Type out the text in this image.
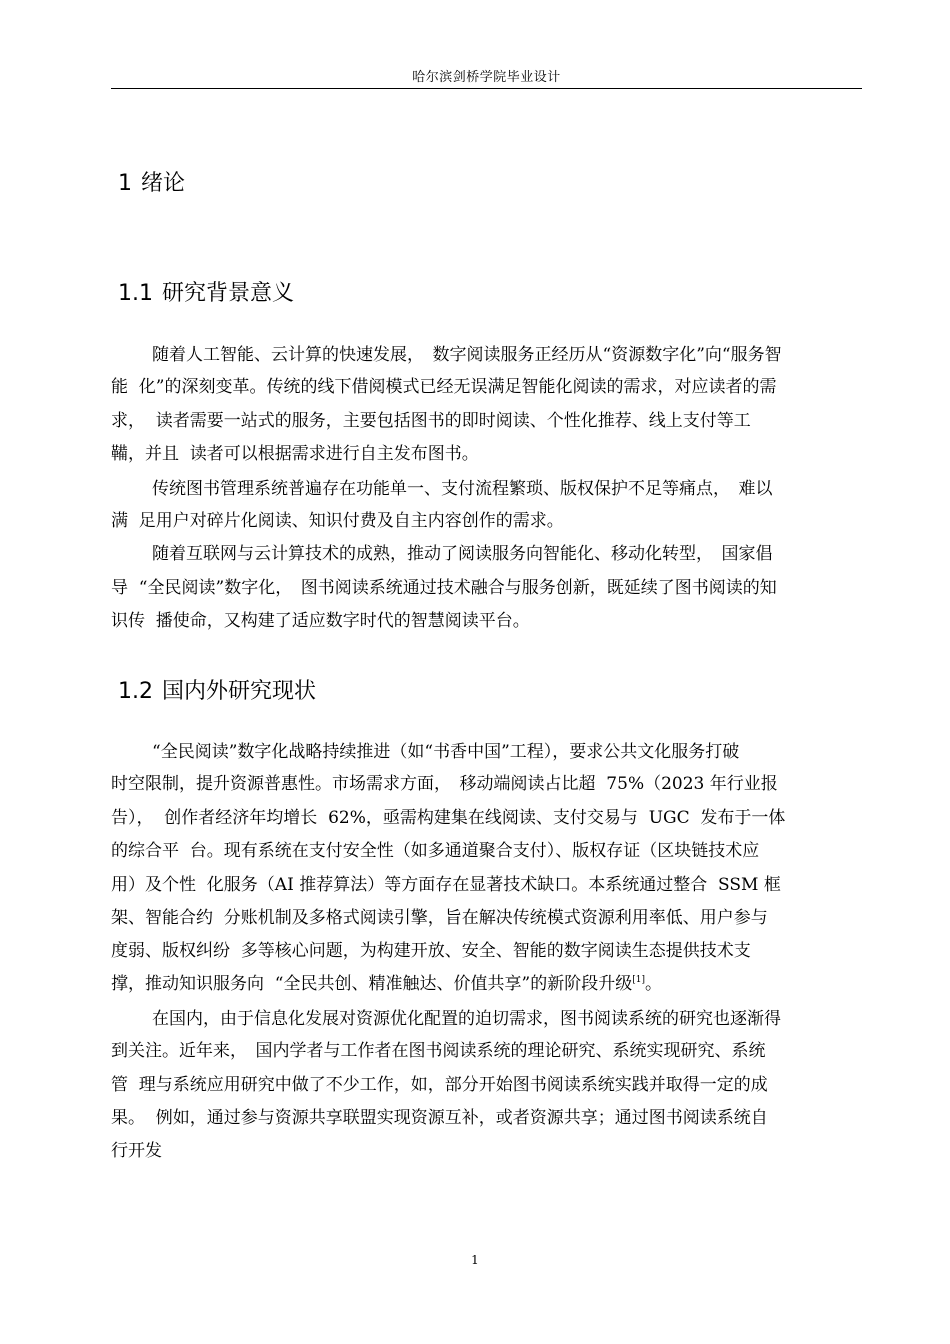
哈尔滨剑桥学院毕业设计
1 绪论
1.1 研究背景意义
随着人工智能、云计算的快速发展，　数字阅读服务正经历从“资源数字化”向“服务智
能  化”的深刻变革。传统的线下借阅模式已经无误满足智能化阅读的需求，对应读者的需
求，  读者需要一站式的服务，主要包括图书的即时阅读、个性化推荐、线上支付等工
鞴，并且  读者可以根据需求进行自主发布图书。
传统图书管理系统普遍存在功能单一、支付流程繁琐、版权保护不足等痛点，　难以
满  足用户对碎片化阅读、知识付费及自主内容创作的需求。
随着互联网与云计算技术的成熟，推动了阅读服务向智能化、移动化转型，　国家倡
导  “全民阅读”数字化，　图书阅读系统通过技术融合与服务创新，既延续了图书阅读的知
识传  播使命，又构建了适应数字时代的智慧阅读平台。
1.2 国内外研究现状
“全民阅读”数字化战略持续推进（如“书香中国”工程），要求公共文化服务打破
时空限制，提升资源普惠性。市场需求方面，　移动端阅读占比超  75%（2023 年行业报
告），  创作者经济年均增长  62%，亟需构建集在线阅读、支付交易与  UGC  发布于一体
的综合平  台。现有系统在支付安全性（如多通道聚合支付）、版权存证（区块链技术应
用）及个性  化服务（AI 推荐算法）等方面存在显著技术缺口。本系统通过整合  SSM 框
架、智能合约  分账机制及多格式阅读引擎，旨在解决传统模式资源利用率低、用户参与
度弱、版权纠纷  多等核心问题，为构建开放、安全、智能的数字阅读生态提供技术支
撑，推动知识服务向  “全民共创、精准触达、价值共享”的新阶段升级[1]。
在国内，由于信息化发展对资源优化配置的迫切需求，图书阅读系统的研究也逐渐得
到关注。近年来，　国内学者与工作者在图书阅读系统的理论研究、系统实现研究、系统
管  理与系统应用研究中做了不少工作，如，部分开始图书阅读系统实践并取得一定的成
果。  例如，通过参与资源共享联盟实现资源互补，或者资源共享；通过图书阅读系统自
行开发
1
